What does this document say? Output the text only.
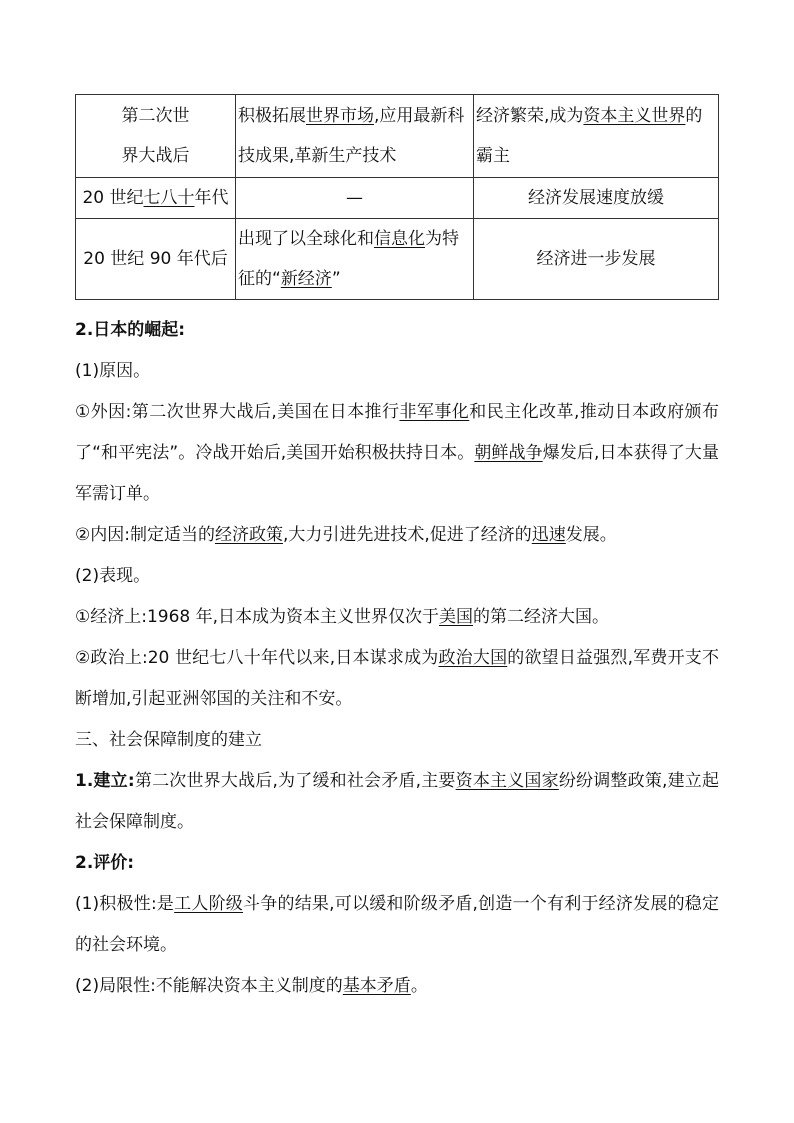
第二次世
界大战后	积极拓展世界市场,应用最新科技成果,革新生产技术	经济繁荣,成为资本主义世界的霸主
20 世纪七八十年代	—	经济发展速度放缓
20 世纪 90 年代后	出现了以全球化和信息化为特征的“新经济”	经济进一步发展

2.日本的崛起:

(1)原因。

①外因:第二次世界大战后,美国在日本推行非军事化和民主化改革,推动日本政府颁布了“和平宪法”。冷战开始后,美国开始积极扶持日本。朝鲜战争爆发后,日本获得了大量军需订单。

②内因:制定适当的经济政策,大力引进先进技术,促进了经济的迅速发展。

(2)表现。

①经济上:1968 年,日本成为资本主义世界仅次于美国的第二经济大国。

②政治上:20 世纪七八十年代以来,日本谋求成为政治大国的欲望日益强烈,军费开支不断增加,引起亚洲邻国的关注和不安。

三、社会保障制度的建立

1.建立:第二次世界大战后,为了缓和社会矛盾,主要资本主义国家纷纷调整政策,建立起社会保障制度。

2.评价:

(1)积极性:是工人阶级斗争的结果,可以缓和阶级矛盾,创造一个有利于经济发展的稳定的社会环境。

(2)局限性:不能解决资本主义制度的基本矛盾。
